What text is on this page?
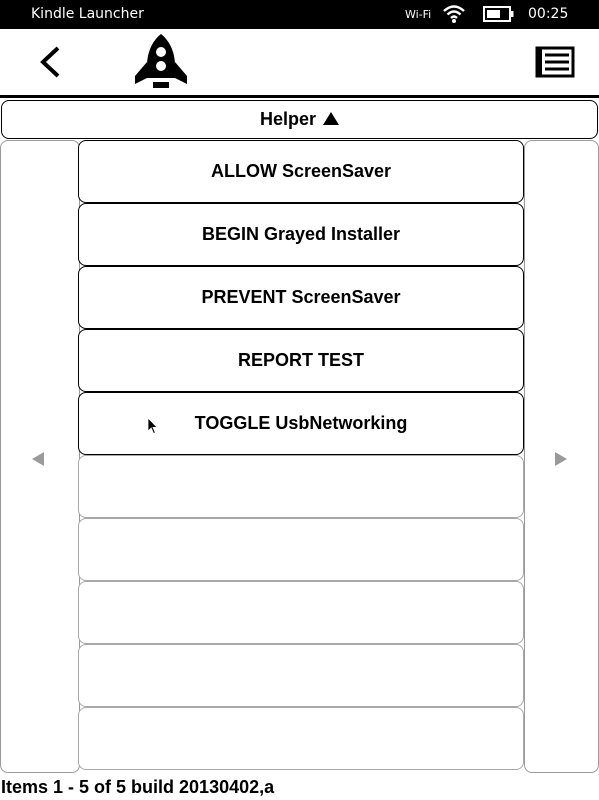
Kindle Launcher	Wi-Fi	00:25
Helper
ALLOW ScreenSaver
BEGIN Grayed Installer
PREVENT ScreenSaver
REPORT TEST
TOGGLE UsbNetworking
Items 1 - 5 of 5 build 20130402,a
